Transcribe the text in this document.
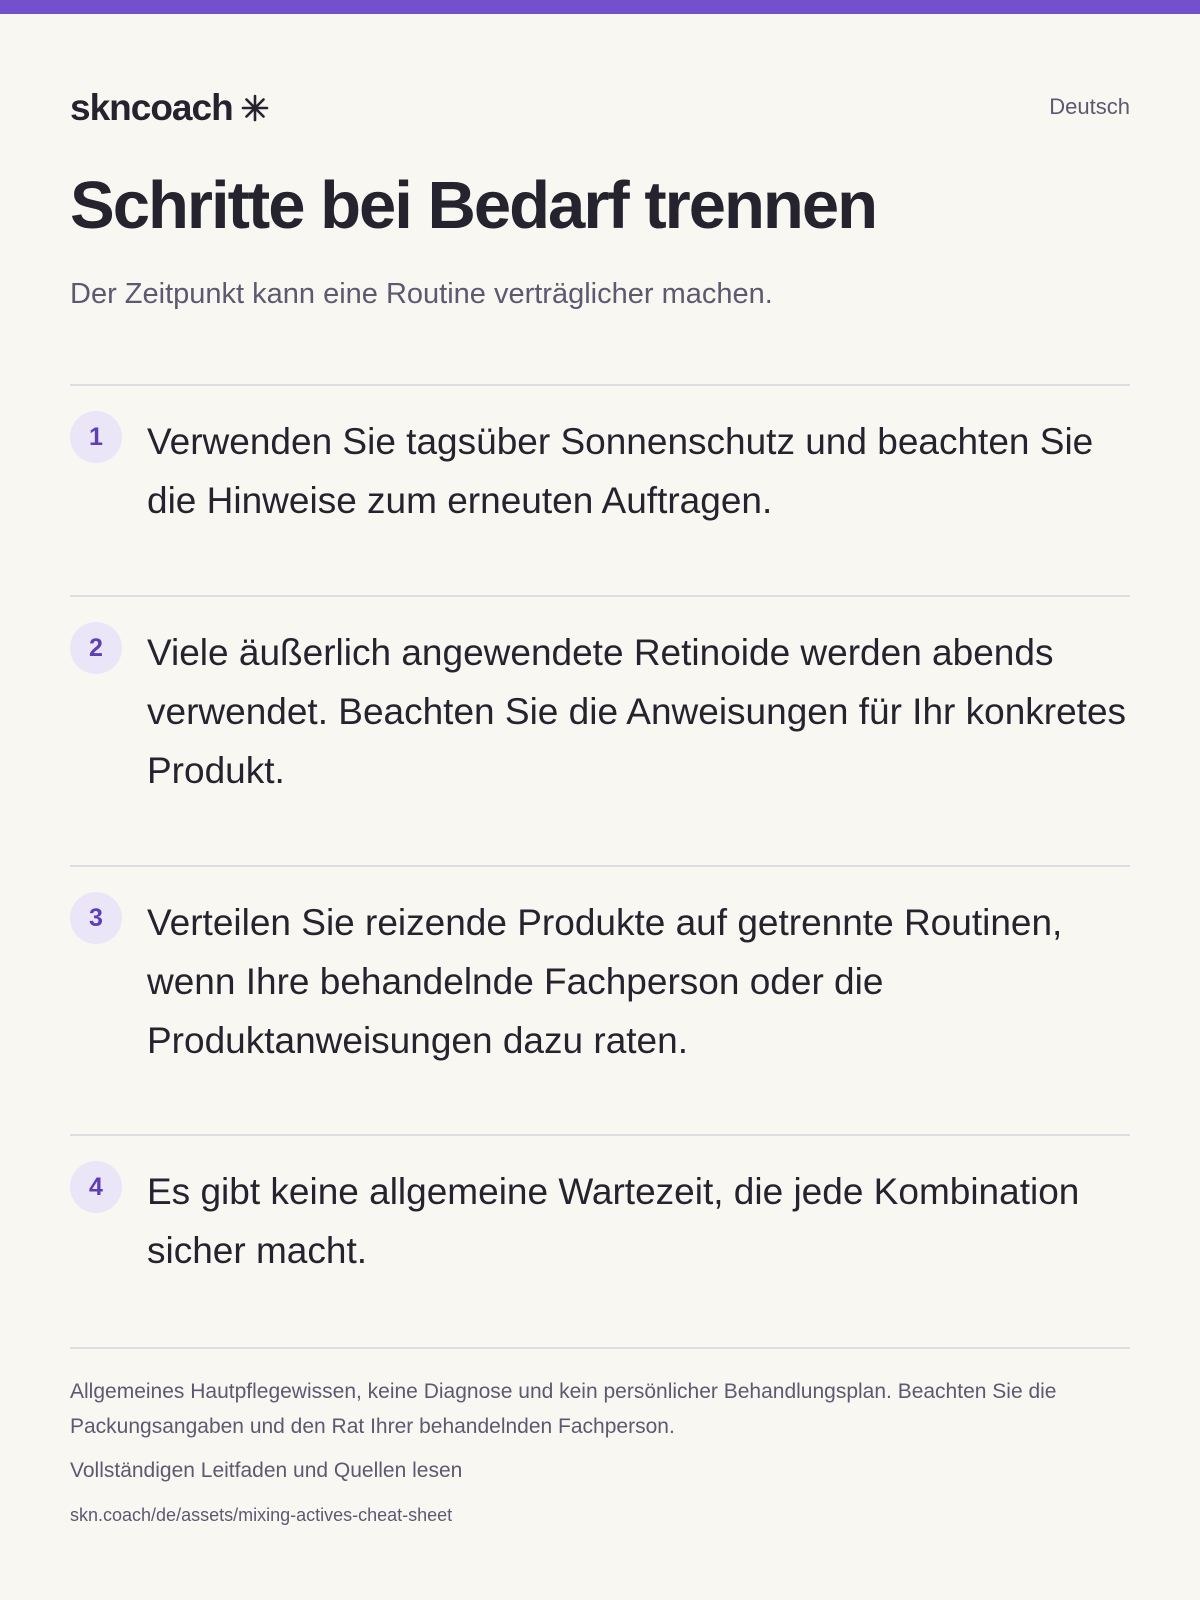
skncoach	Deutsch
Schritte bei Bedarf trennen

Der Zeitpunkt kann eine Routine verträglicher machen.

1	Verwenden Sie tagsüber Sonnenschutz und beachten Sie die Hinweise zum erneuten Auftragen.
2	Viele äußerlich angewendete Retinoide werden abends verwendet. Beachten Sie die Anweisungen für Ihr konkretes Produkt.
3	Verteilen Sie reizende Produkte auf getrennte Routinen, wenn Ihre behandelnde Fachperson oder die Produktanweisungen dazu raten.
4	Es gibt keine allgemeine Wartezeit, die jede Kombination sicher macht.

Allgemeines Hautpflegewissen, keine Diagnose und kein persönlicher Behandlungsplan. Beachten Sie die Packungsangaben und den Rat Ihrer behandelnden Fachperson.

Vollständigen Leitfaden und Quellen lesen
skn.coach/de/assets/mixing-actives-cheat-sheet
